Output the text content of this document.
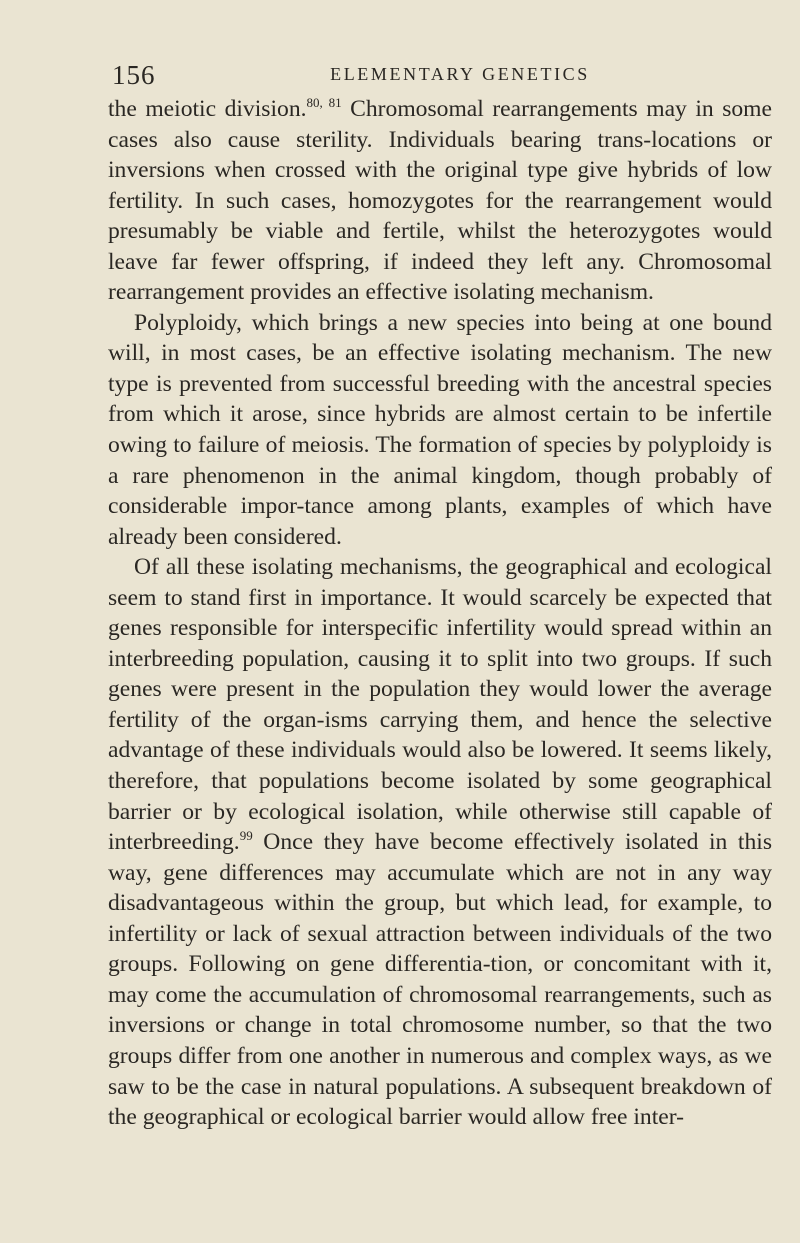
156	ELEMENTARY GENETICS

the meiotic division.$^{80, 81}$ Chromosomal rearrangements may in some cases also cause sterility. Individuals bearing trans-locations or inversions when crossed with the original type give hybrids of low fertility. In such cases, homozygotes for the rearrangement would presumably be viable and fertile, whilst the heterozygotes would leave far fewer offspring, if indeed they left any. Chromosomal rearrangement provides an effective isolating mechanism.

Polyploidy, which brings a new species into being at one bound will, in most cases, be an effective isolating mechanism. The new type is prevented from successful breeding with the ancestral species from which it arose, since hybrids are almost certain to be infertile owing to failure of meiosis. The formation of species by polyploidy is a rare phenomenon in the animal kingdom, though probably of considerable impor-tance among plants, examples of which have already been considered.

Of all these isolating mechanisms, the geographical and ecological seem to stand first in importance. It would scarcely be expected that genes responsible for interspecific infertility would spread within an interbreeding population, causing it to split into two groups. If such genes were present in the population they would lower the average fertility of the organ-isms carrying them, and hence the selective advantage of these individuals would also be lowered. It seems likely, therefore, that populations become isolated by some geographical barrier or by ecological isolation, while otherwise still capable of interbreeding.$^{99}$ Once they have become effectively isolated in this way, gene differences may accumulate which are not in any way disadvantageous within the group, but which lead, for example, to infertility or lack of sexual attraction between individuals of the two groups. Following on gene differentia-tion, or concomitant with it, may come the accumulation of chromosomal rearrangements, such as inversions or change in total chromosome number, so that the two groups differ from one another in numerous and complex ways, as we saw to be the case in natural populations. A subsequent breakdown of the geographical or ecological barrier would allow free inter-
